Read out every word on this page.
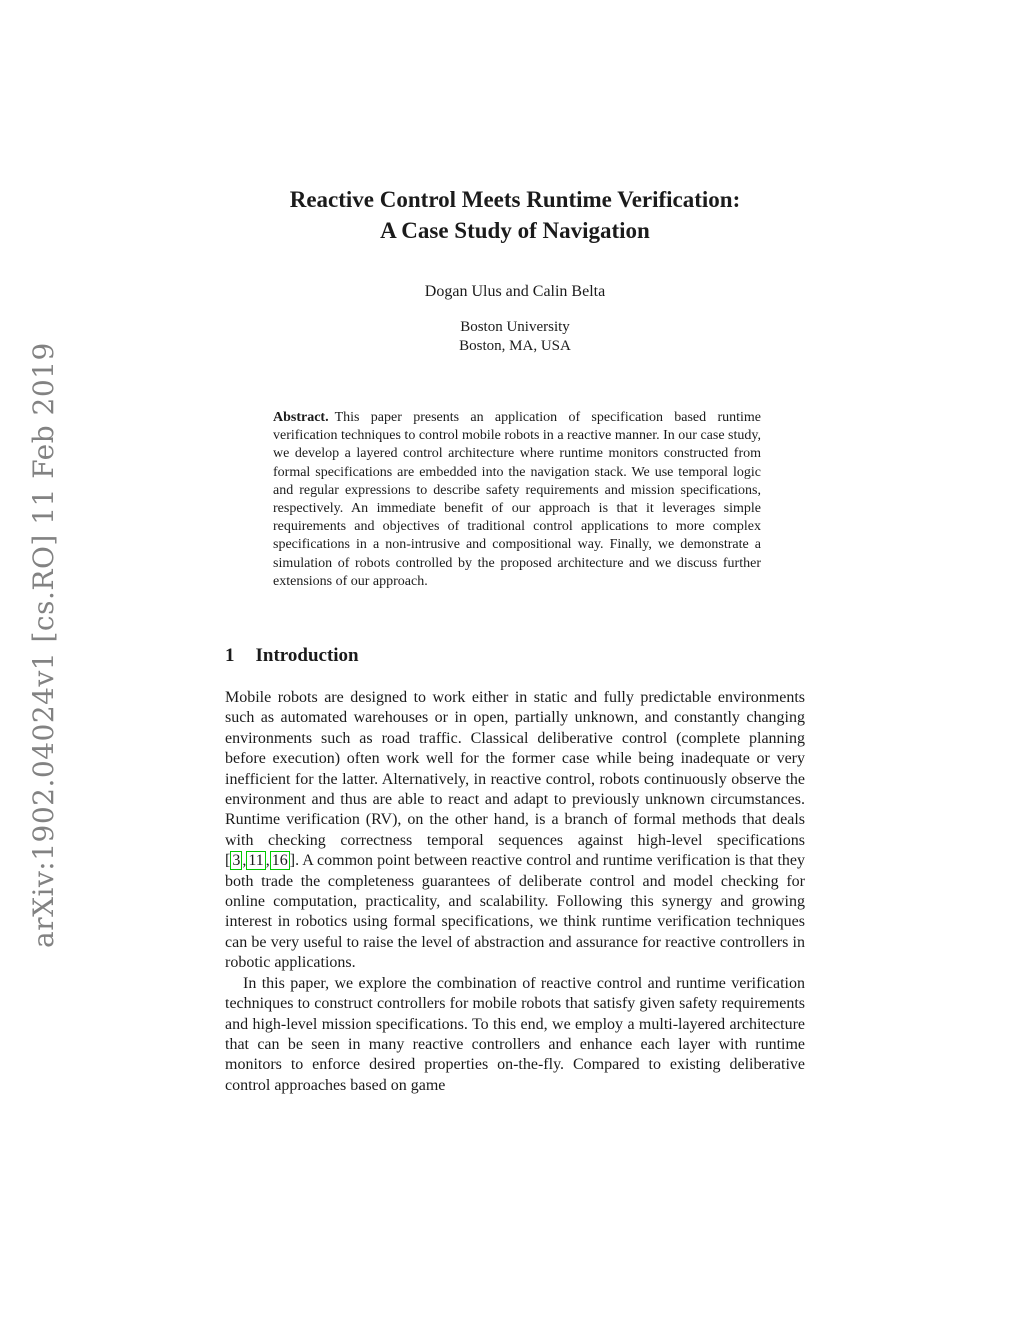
arXiv:1902.04024v1 [cs.RO] 11 Feb 2019
Reactive Control Meets Runtime Verification:
A Case Study of Navigation
Dogan Ulus and Calin Belta
Boston University
Boston, MA, USA
Abstract. This paper presents an application of specification based runtime verification techniques to control mobile robots in a reactive manner. In our case study, we develop a layered control architecture where runtime monitors constructed from formal specifications are embedded into the navigation stack. We use temporal logic and regular expressions to describe safety requirements and mission specifications, respectively. An immediate benefit of our approach is that it leverages simple requirements and objectives of traditional control applications to more complex specifications in a non-intrusive and compositional way. Finally, we demonstrate a simulation of robots controlled by the proposed architecture and we discuss further extensions of our approach.
1 Introduction

Mobile robots are designed to work either in static and fully predictable environments such as automated warehouses or in open, partially unknown, and constantly changing environments such as road traffic. Classical deliberative control (complete planning before execution) often work well for the former case while being inadequate or very inefficient for the latter. Alternatively, in reactive control, robots continuously observe the environment and thus are able to react and adapt to previously unknown circumstances. Runtime verification (RV), on the other hand, is a branch of formal methods that deals with checking correctness temporal sequences against high-level specifications [ 3 , 11 , 16 ]. A common point between reactive control and runtime verification is that they both trade the completeness guarantees of deliberate control and model checking for online computation, practicality, and scalability. Following this synergy and growing interest in robotics using formal specifications, we think runtime verification techniques can be very useful to raise the level of abstraction and assurance for reactive controllers in robotic applications.

In this paper, we explore the combination of reactive control and runtime verification techniques to construct controllers for mobile robots that satisfy given safety requirements and high-level mission specifications. To this end, we employ a multi-layered architecture that can be seen in many reactive controllers and enhance each layer with runtime monitors to enforce desired properties on-the-fly. Compared to existing deliberative control approaches based on game
